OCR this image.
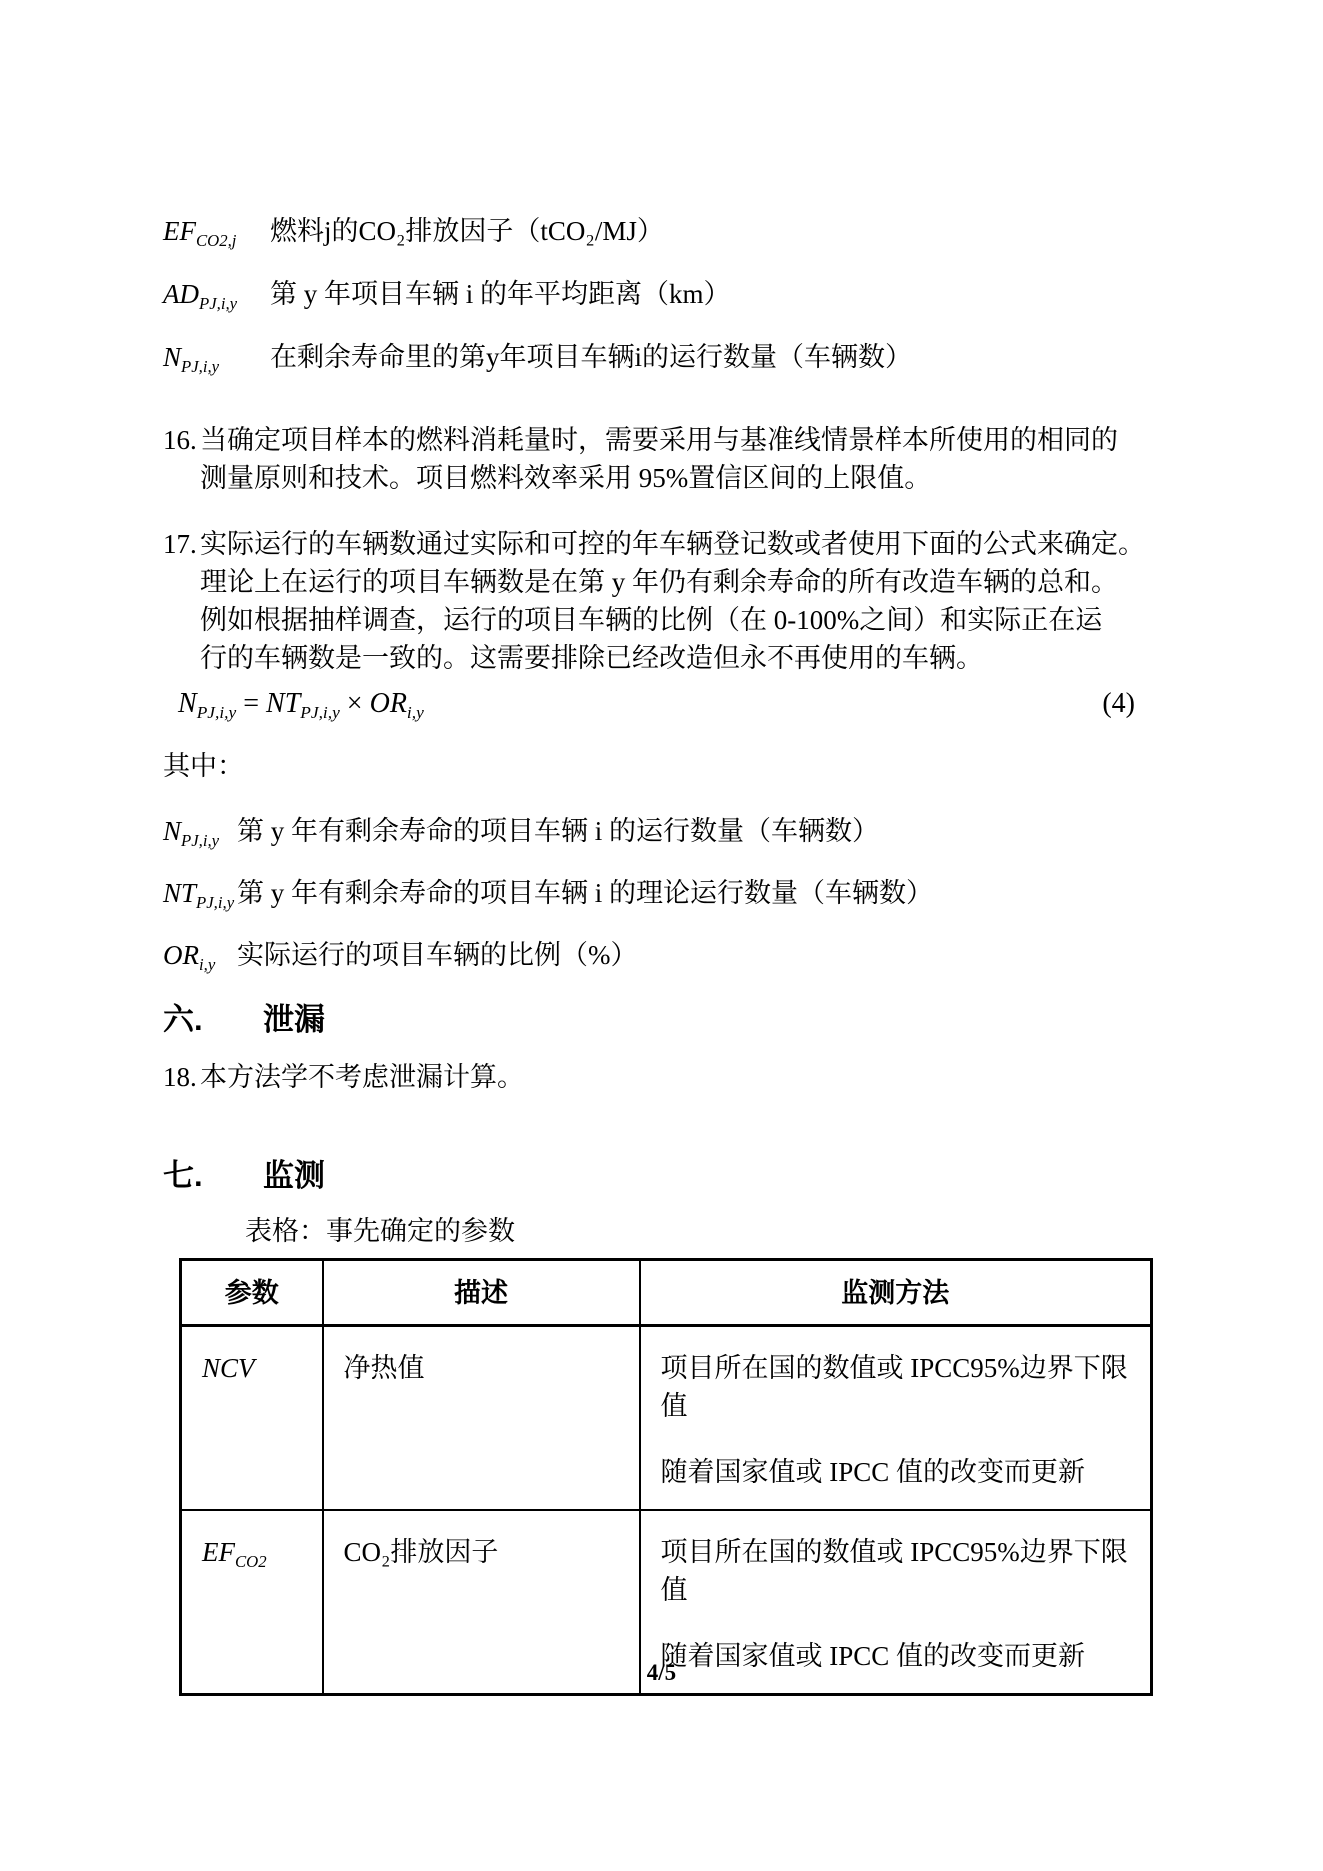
$EF_{CO2,j}$	燃料j的CO₂排放因子（tCO₂/MJ）
$AD_{PJ,i,y}$	第 y 年项目车辆 i 的年平均距离（km）
$N_{PJ,i,y}$	在剩余寿命里的第y年项目车辆i的运行数量（车辆数）
16. 当确定项目样本的燃料消耗量时，需要采用与基准线情景样本所使用的相同的
测量原则和技术。项目燃料效率采用 95%置信区间的上限值。
17. 实际运行的车辆数通过实际和可控的年车辆登记数或者使用下面的公式来确定。
理论上在运行的项目车辆数是在第 y 年仍有剩余寿命的所有改造车辆的总和。
例如根据抽样调查，运行的项目车辆的比例（在 0-100%之间）和实际正在运
行的车辆数是一致的。这需要排除已经改造但永不再使用的车辆。
$N_{PJ,i,y} = NT_{PJ,i,y} \times OR_{i,y}$	(4)
其中：
$N_{PJ,i,y}$ 第 y 年有剩余寿命的项目车辆 i 的运行数量（车辆数）
$NT_{PJ,i,y}$ 第 y 年有剩余寿命的项目车辆 i 的理论运行数量（车辆数）
$OR_{i,y}$ 实际运行的项目车辆的比例（%）
六.	泄漏
18. 本方法学不考虑泄漏计算。
七.	监测
表格：事先确定的参数
参数	描述	监测方法
NCV	净热值	项目所在国的数值或 IPCC95%边界下限值
随着国家值或 IPCC 值的改变而更新

$EF_{CO2}$	CO₂排放因子	项目所在国的数值或 IPCC95%边界下限值
随着国家值或 IPCC 值的改变而更新
4/5
